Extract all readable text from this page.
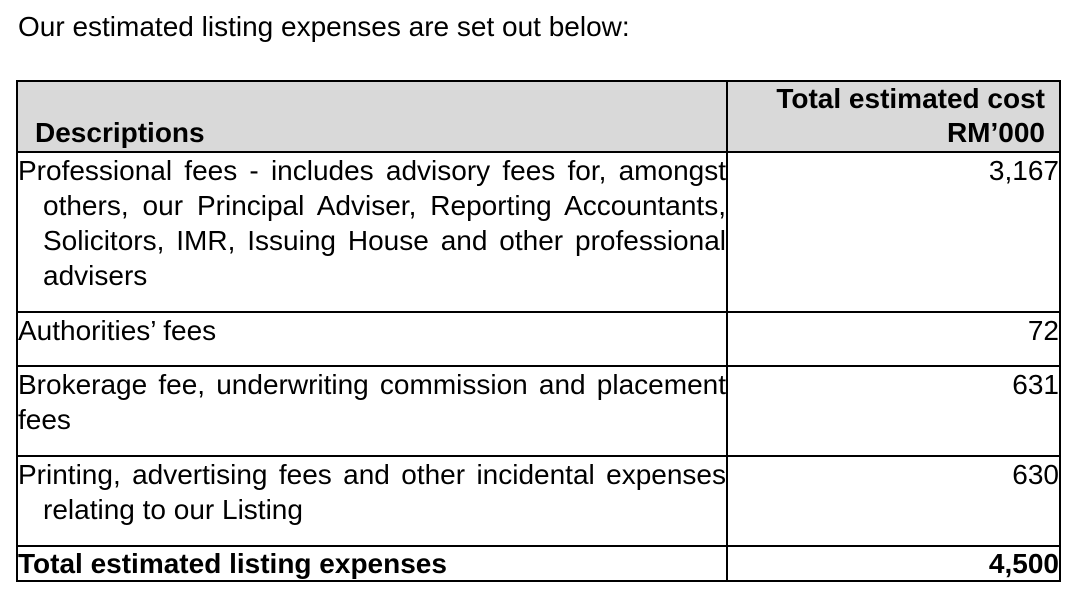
Our estimated listing expenses are set out below:
Descriptions	Total estimated cost
RM’000

Professional fees - includes advisory fees for, amongst others, our Principal Adviser, Reporting Accountants, Solicitors, IMR, Issuing House and other professional advisers	3,167

Authorities’ fees	72

Brokerage fee, underwriting commission and placement fees	631

Printing, advertising fees and other incidental expenses relating to our Listing	630
Total estimated listing expenses	4,500
